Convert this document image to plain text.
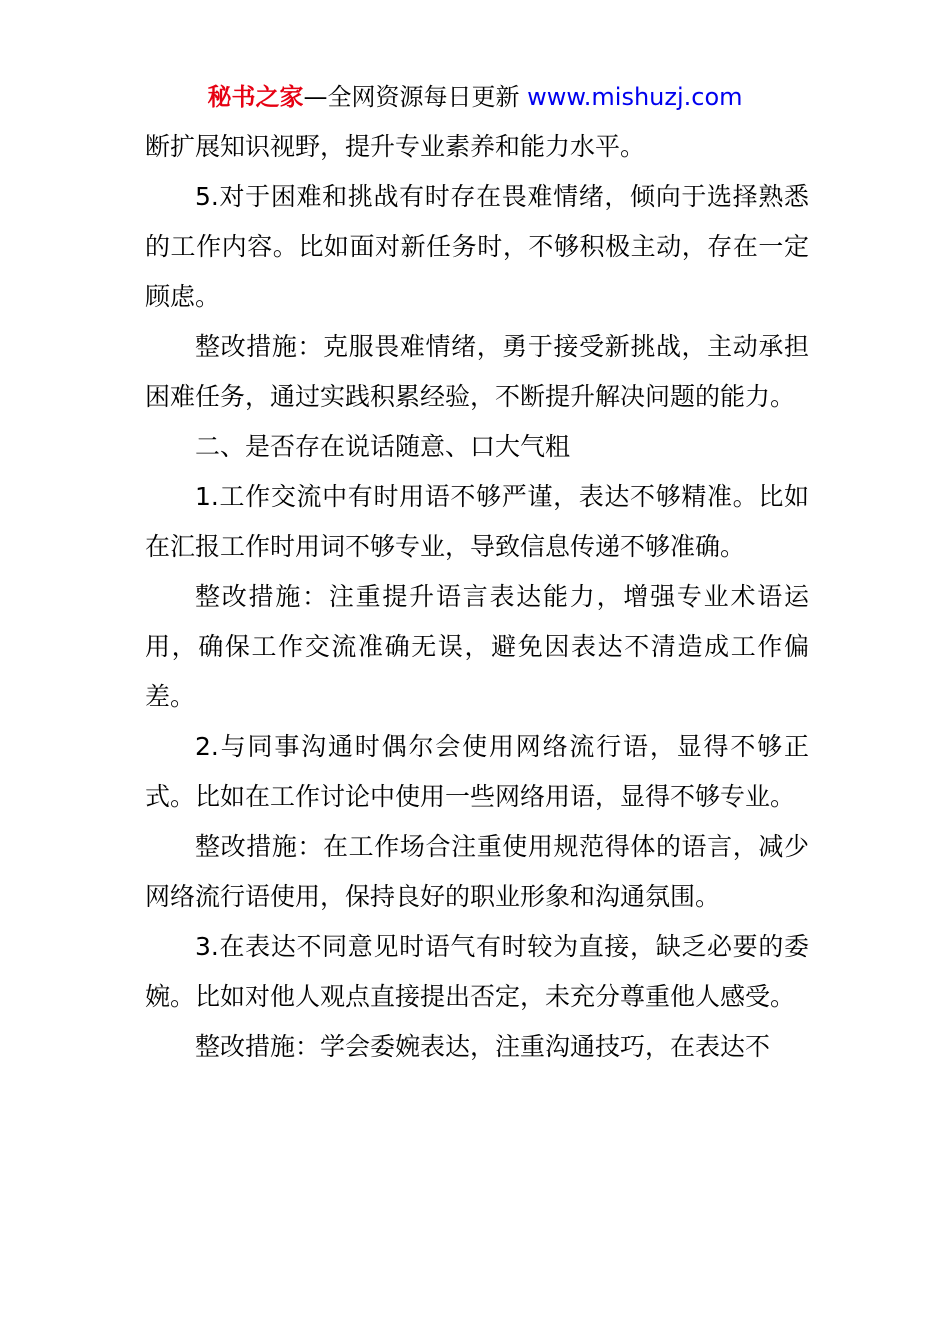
秘书之家—全网资源每日更新 www.mishuzj.com

断扩展知识视野，提升专业素养和能力水平。

5.对于困难和挑战有时存在畏难情绪，倾向于选择熟悉的工作内容。比如面对新任务时，不够积极主动，存在一定顾虑。

整改措施：克服畏难情绪，勇于接受新挑战，主动承担困难任务，通过实践积累经验，不断提升解决问题的能力。

二、是否存在说话随意、口大气粗

1.工作交流中有时用语不够严谨，表达不够精准。比如在汇报工作时用词不够专业，导致信息传递不够准确。

整改措施：注重提升语言表达能力，增强专业术语运用，确保工作交流准确无误，避免因表达不清造成工作偏差。

2.与同事沟通时偶尔会使用网络流行语，显得不够正式。比如在工作讨论中使用一些网络用语，显得不够专业。

整改措施：在工作场合注重使用规范得体的语言，减少网络流行语使用，保持良好的职业形象和沟通氛围。

3.在表达不同意见时语气有时较为直接，缺乏必要的委婉。比如对他人观点直接提出否定，未充分尊重他人感受。

整改措施：学会委婉表达，注重沟通技巧，在表达不
